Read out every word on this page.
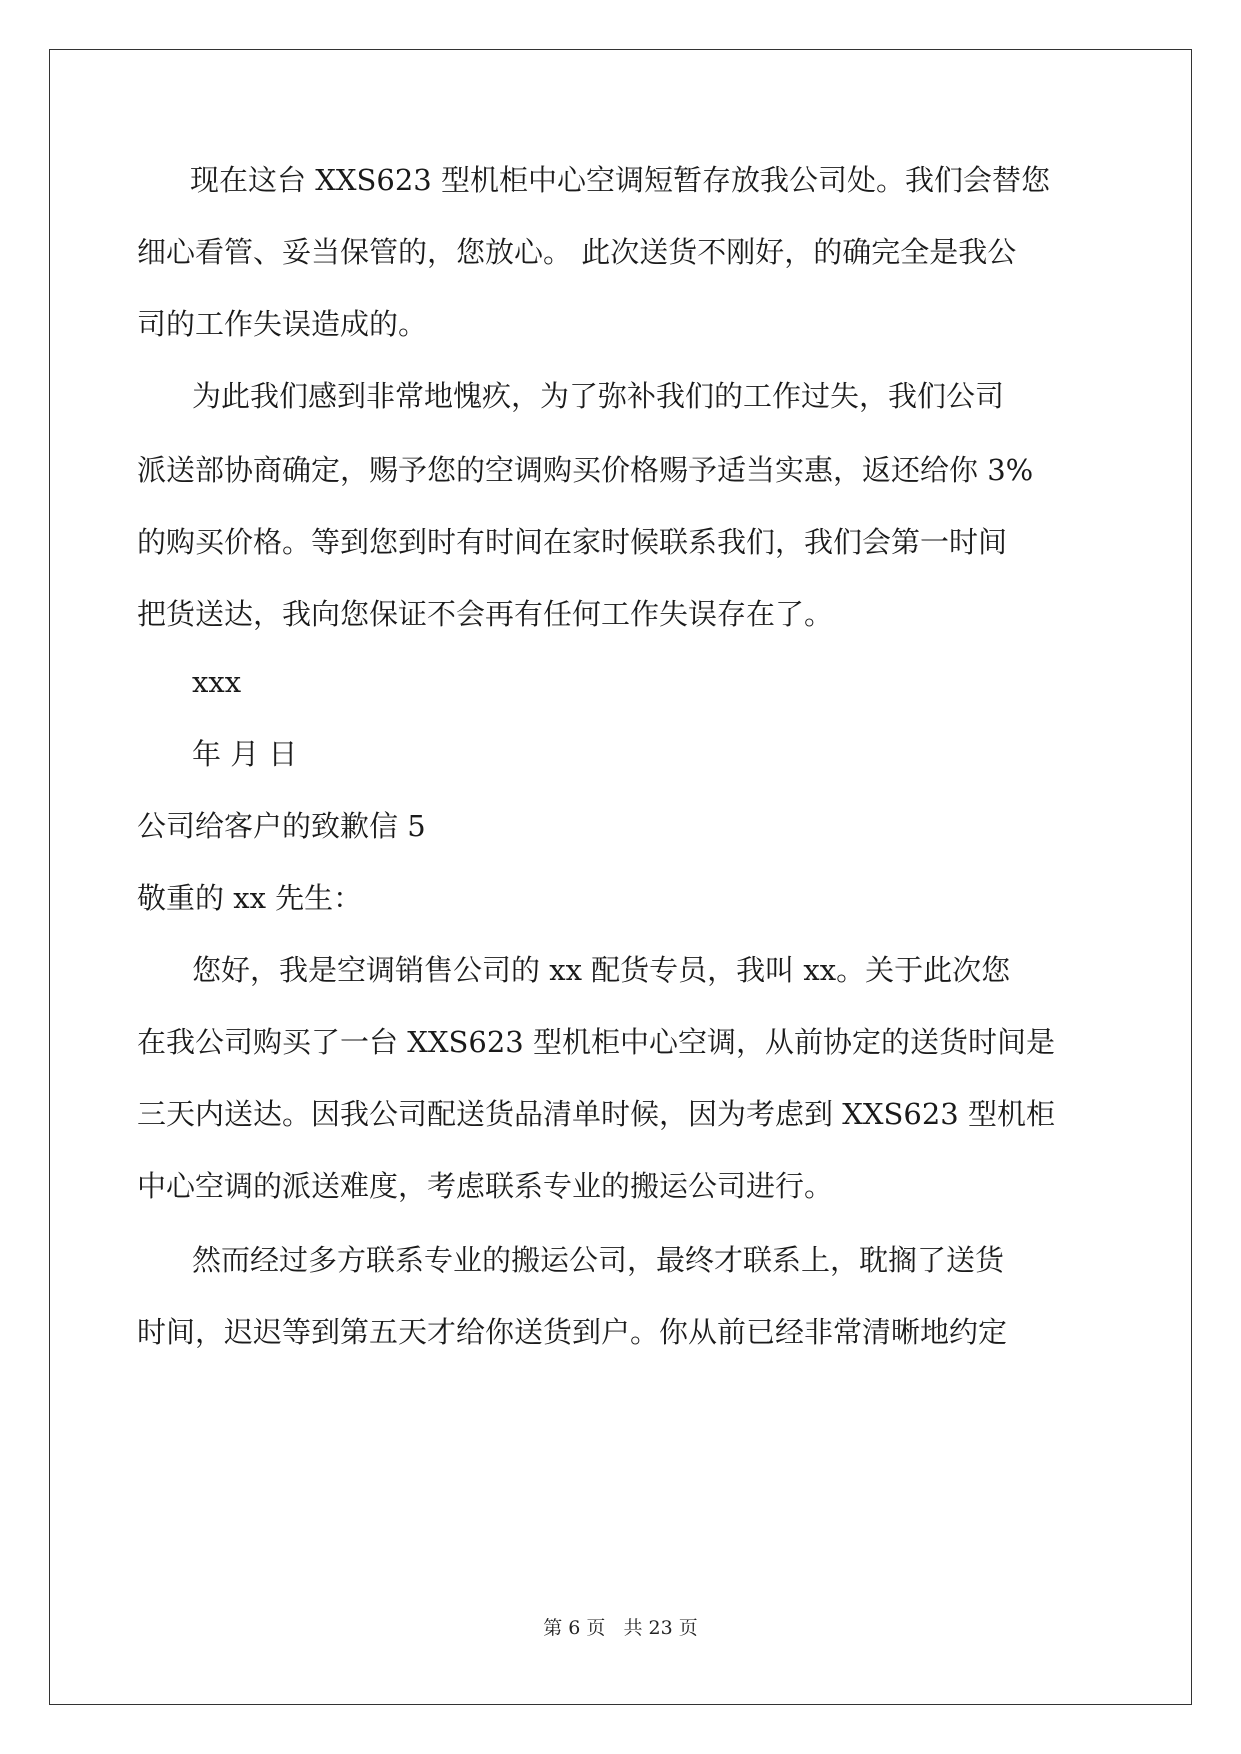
现在这台 XXS623 型机柜中心空调短暂存放我公司处。我们会替您
细心看管、妥当保管的，您放心。 此次送货不刚好，的确完全是我公
司的工作失误造成的。
为此我们感到非常地愧疚，为了弥补我们的工作过失，我们公司
派送部协商确定，赐予您的空调购买价格赐予适当实惠，返还给你 3%
的购买价格。等到您到时有时间在家时候联系我们，我们会第一时间
把货送达，我向您保证不会再有任何工作失误存在了。
xxx
年 月 日
公司给客户的致歉信 5
敬重的 xx 先生：
您好，我是空调销售公司的 xx 配货专员，我叫 xx。关于此次您
在我公司购买了一台 XXS623 型机柜中心空调，从前协定的送货时间是
三天内送达。因我公司配送货品清单时候，因为考虑到 XXS623 型机柜
中心空调的派送难度，考虑联系专业的搬运公司进行。
然而经过多方联系专业的搬运公司，最终才联系上，耽搁了送货
时间，迟迟等到第五天才给你送货到户。你从前已经非常清晰地约定
第 6 页 共 23 页
